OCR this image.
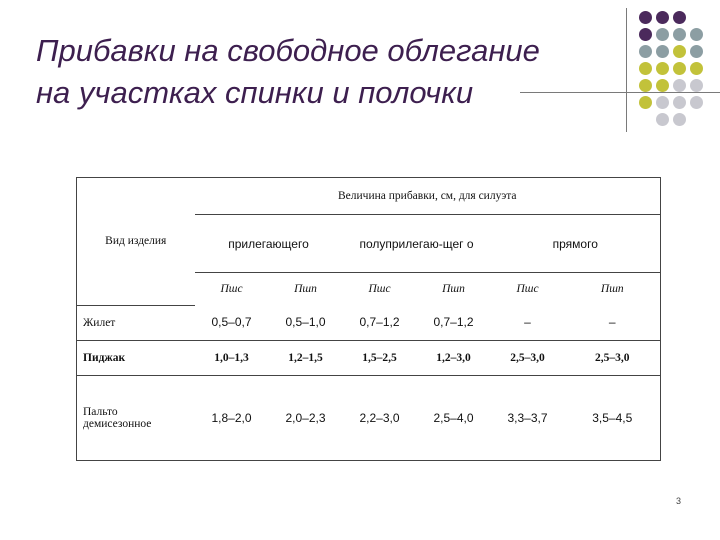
Прибавки на свободное облегание
на участках спинки и полочки
Вид изделия	Величина прибавки, см, для силуэта					
	прилегающего		полуприлегаю-щег о		прямого	
	Пшс	Пшп	Пшс	Пшп	Пшс	Пшп
Жилет	0,5–0,7	0,5–1,0	0,7–1,2	0,7–1,2	–	–
Пиджак	1,0–1,3	1,2–1,5	1,5–2,5	1,2–3,0	2,5–3,0	2,5–3,0
Пальто демисезонное	1,8–2,0	2,0–2,3	2,2–3,0	2,5–4,0	3,3–3,7	3,5–4,5
3
